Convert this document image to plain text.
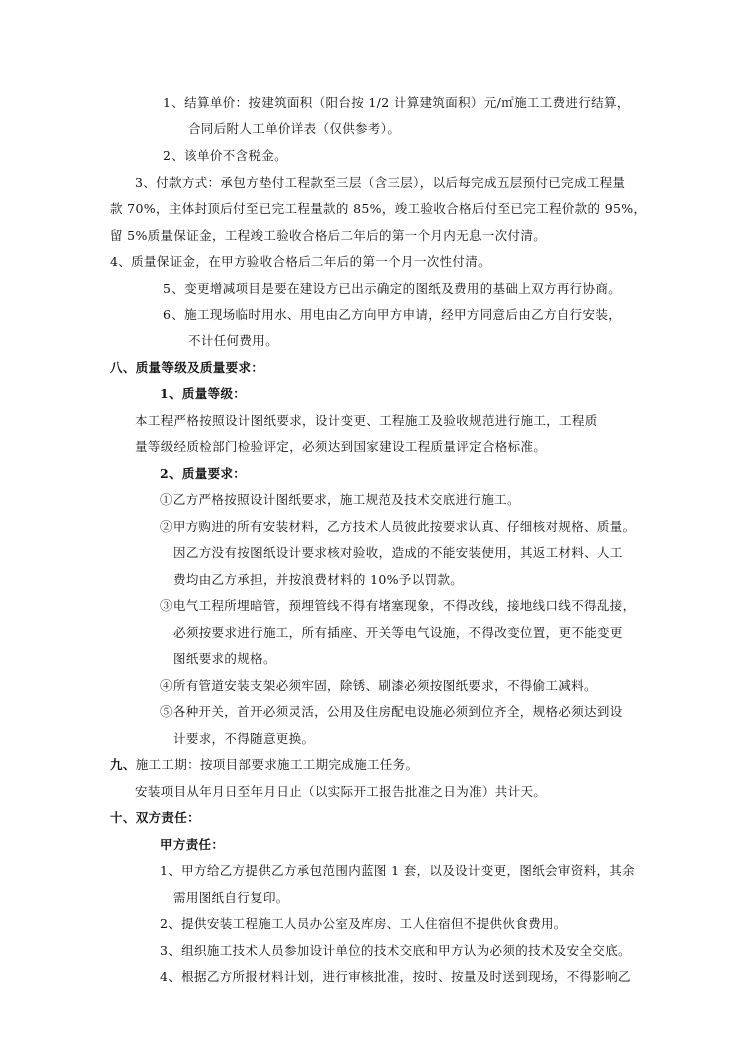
1、结算单价：按建筑面积（阳台按 1/2 计算建筑面积）元/㎡施工工费进行结算，
合同后附人工单价详表（仅供参考）。
2、该单价不含税金。
3、付款方式：承包方垫付工程款至三层（含三层），以后每完成五层预付已完成工程量
款 70%，主体封顶后付至已完工程量款的 85%，竣工验收合格后付至已完工程价款的 95%，
留 5%质量保证金，工程竣工验收合格后二年后的第一个月内无息一次付清。
4、质量保证金，在甲方验收合格后二年后的第一个月一次性付清。
5、变更增减项目是要在建设方已出示确定的图纸及费用的基础上双方再行协商。
6、施工现场临时用水、用电由乙方向甲方申请，经甲方同意后由乙方自行安装，
不计任何费用。
八、质量等级及质量要求：
1、质量等级：
本工程严格按照设计图纸要求，设计变更、工程施工及验收规范进行施工，工程质
量等级经质检部门检验评定，必须达到国家建设工程质量评定合格标准。
2、质量要求：
①乙方严格按照设计图纸要求，施工规范及技术交底进行施工。
②甲方购进的所有安装材料，乙方技术人员彼此按要求认真、仔细核对规格、质量。
因乙方没有按图纸设计要求核对验收，造成的不能安装使用，其返工材料、人工
费均由乙方承担，并按浪费材料的 10%予以罚款。
③电气工程所埋暗管，预埋管线不得有堵塞现象，不得改线，接地线口线不得乱接，
必须按要求进行施工，所有插座、开关等电气设施，不得改变位置，更不能变更
图纸要求的规格。
④所有管道安装支架必须牢固，除锈、刷漆必须按图纸要求，不得偷工减料。
⑤各种开关，首开必须灵活，公用及住房配电设施必须到位齐全，规格必须达到设
计要求，不得随意更换。
九、施工工期：按项目部要求施工工期完成施工任务。
安装项目从年月日至年月日止（以实际开工报告批准之日为准）共计天。
十、双方责任：
甲方责任：
1、甲方给乙方提供乙方承包范围内蓝图 1 套，以及设计变更，图纸会审资料，其余
需用图纸自行复印。
2、提供安装工程施工人员办公室及库房、工人住宿但不提供伙食费用。
3、组织施工技术人员参加设计单位的技术交底和甲方认为必须的技术及安全交底。
4、根据乙方所报材料计划，进行审核批准，按时、按量及时送到现场，不得影响乙
